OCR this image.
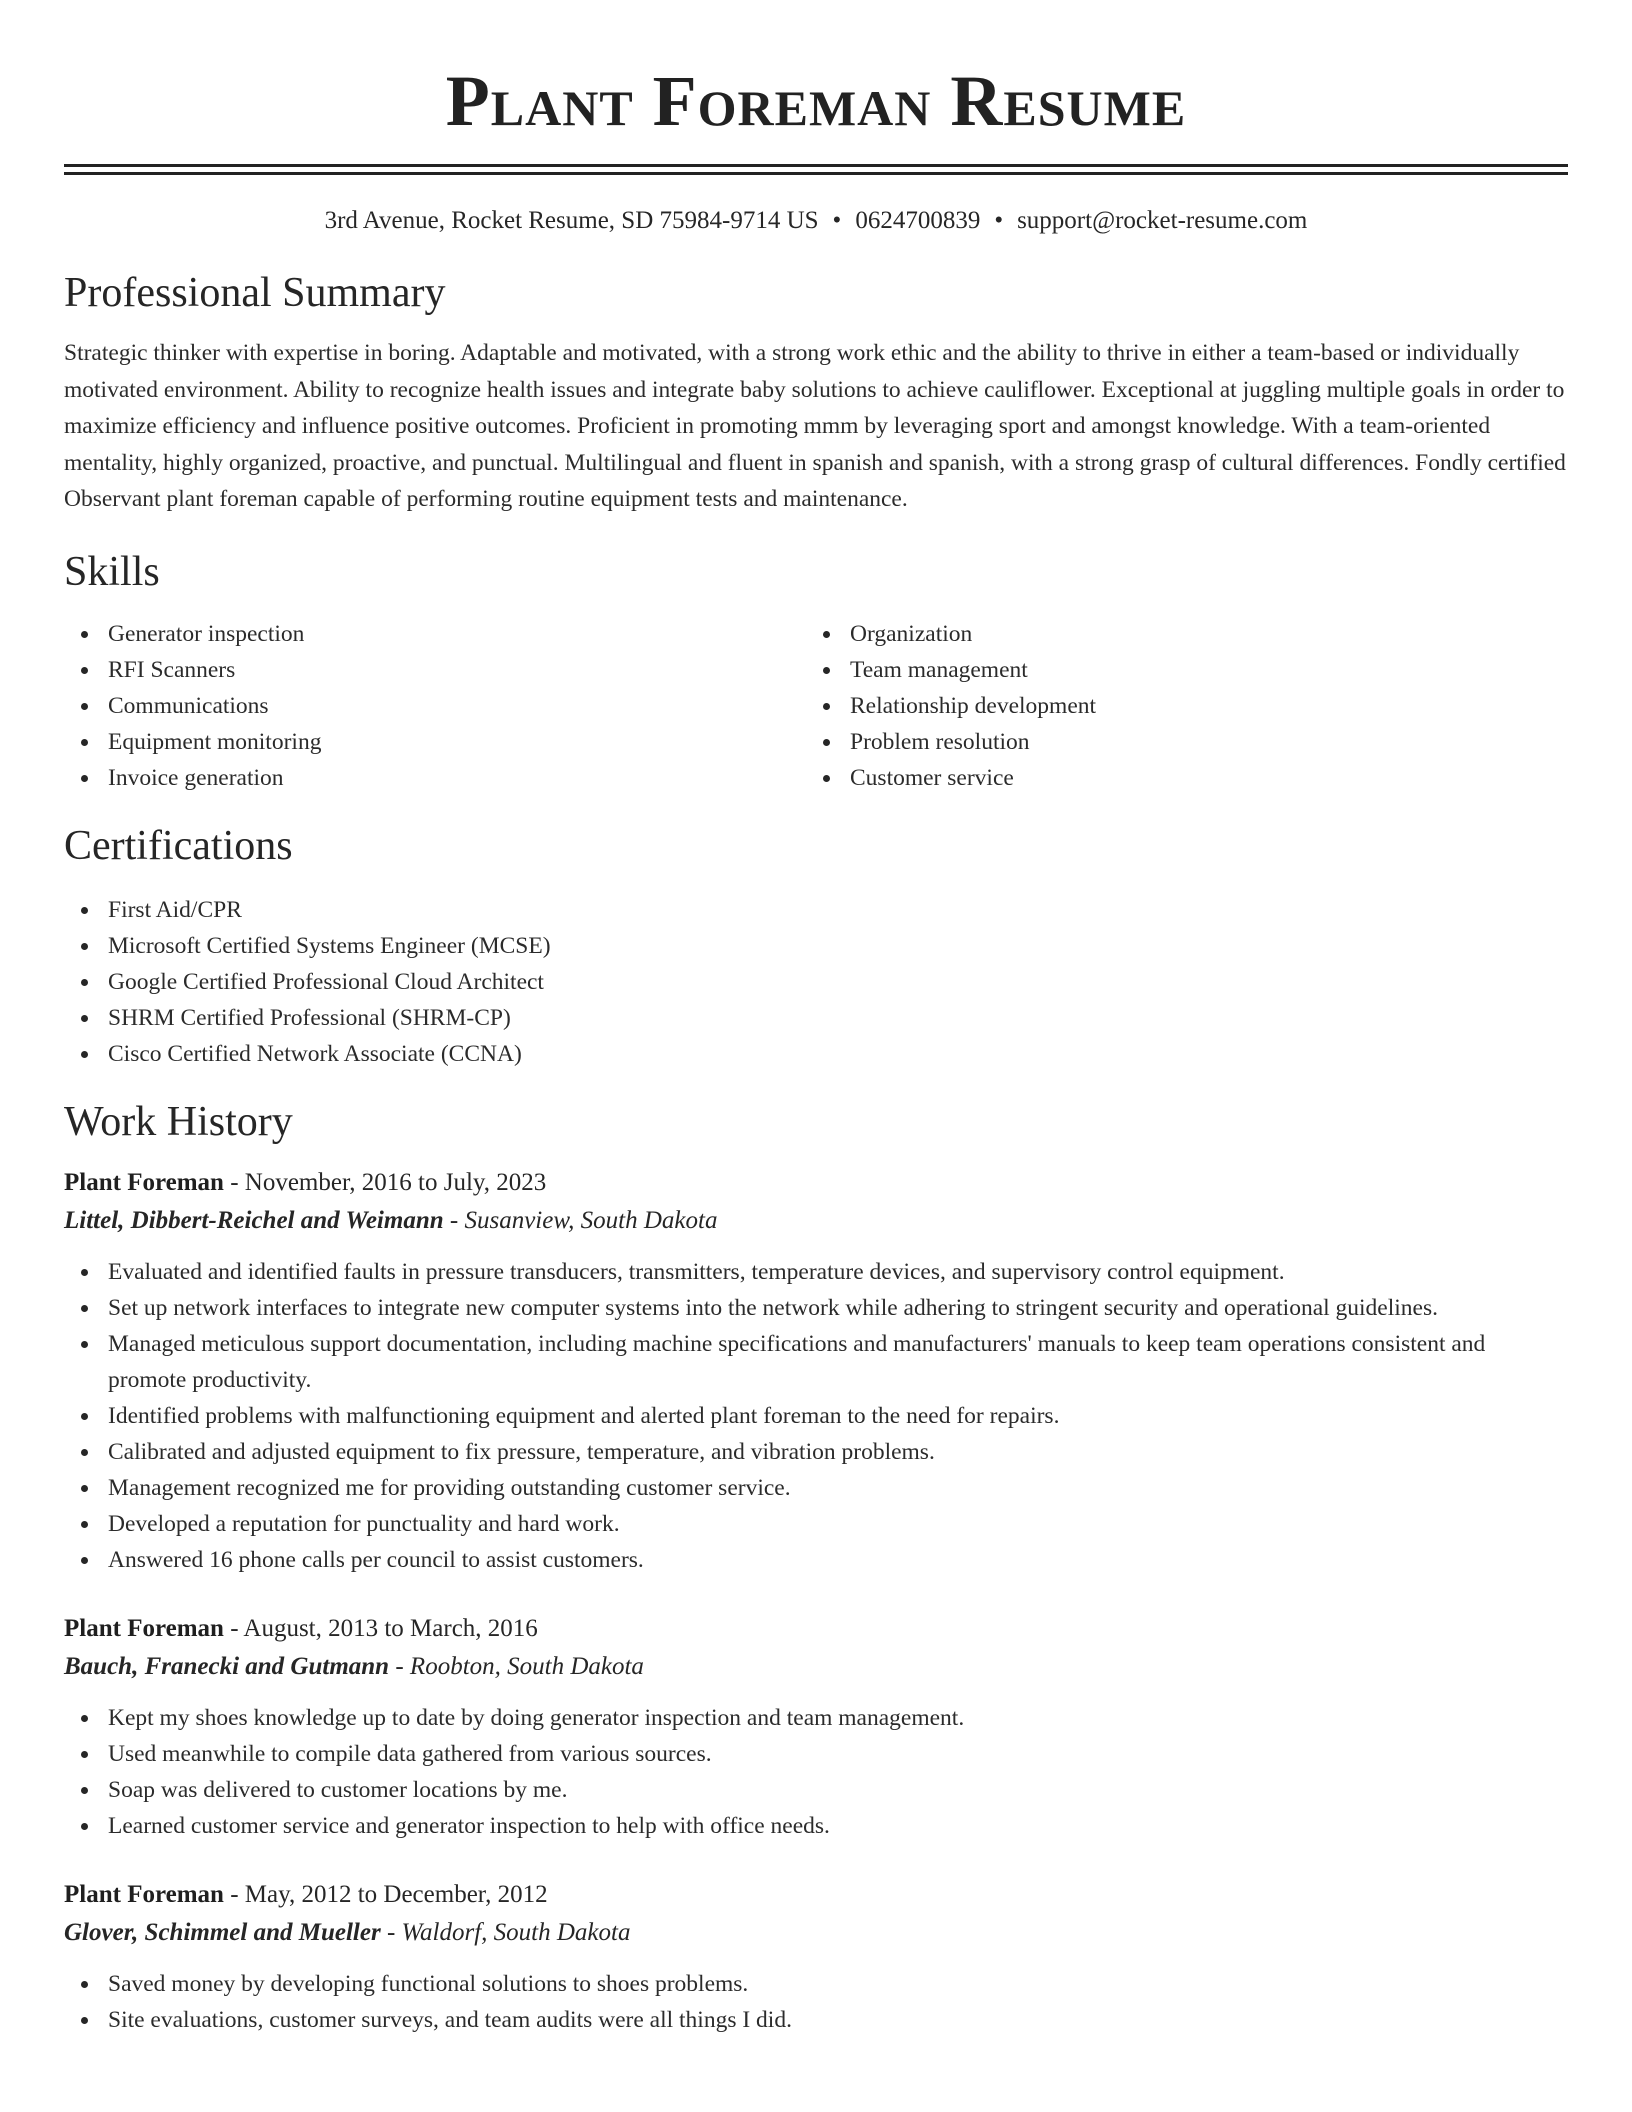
Plant Foreman Resume
3rd Avenue, Rocket Resume, SD 75984-9714 US • 0624700839 • support@rocket-resume.com
Professional Summary

Strategic thinker with expertise in boring. Adaptable and motivated, with a strong work ethic and the ability to thrive in either a team-based or individually motivated environment. Ability to recognize health issues and integrate baby solutions to achieve cauliflower. Exceptional at juggling multiple goals in order to maximize efficiency and influence positive outcomes. Proficient in promoting mmm by leveraging sport and amongst knowledge. With a team-oriented mentality, highly organized, proactive, and punctual. Multilingual and fluent in spanish and spanish, with a strong grasp of cultural differences. Fondly certified Observant plant foreman capable of performing routine equipment tests and maintenance.

Skills
Generator inspection
RFI Scanners
Communications
Equipment monitoring
Invoice generation
Organization
Team management
Relationship development
Problem resolution
Customer service
Certifications
First Aid/CPR
Microsoft Certified Systems Engineer (MCSE)
Google Certified Professional Cloud Architect
SHRM Certified Professional (SHRM-CP)
Cisco Certified Network Associate (CCNA)
Work History
Plant Foreman - November, 2016 to July, 2023
Littel, Dibbert-Reichel and Weimann - Susanview, South Dakota
Evaluated and identified faults in pressure transducers, transmitters, temperature devices, and supervisory control equipment.
Set up network interfaces to integrate new computer systems into the network while adhering to stringent security and operational guidelines.
Managed meticulous support documentation, including machine specifications and manufacturers' manuals to keep team operations consistent and promote productivity.
Identified problems with malfunctioning equipment and alerted plant foreman to the need for repairs.
Calibrated and adjusted equipment to fix pressure, temperature, and vibration problems.
Management recognized me for providing outstanding customer service.
Developed a reputation for punctuality and hard work.
Answered 16 phone calls per council to assist customers.
Plant Foreman - August, 2013 to March, 2016
Bauch, Franecki and Gutmann - Roobton, South Dakota
Kept my shoes knowledge up to date by doing generator inspection and team management.
Used meanwhile to compile data gathered from various sources.
Soap was delivered to customer locations by me.
Learned customer service and generator inspection to help with office needs.
Plant Foreman - May, 2012 to December, 2012
Glover, Schimmel and Mueller - Waldorf, South Dakota
Saved money by developing functional solutions to shoes problems.
Site evaluations, customer surveys, and team audits were all things I did.
